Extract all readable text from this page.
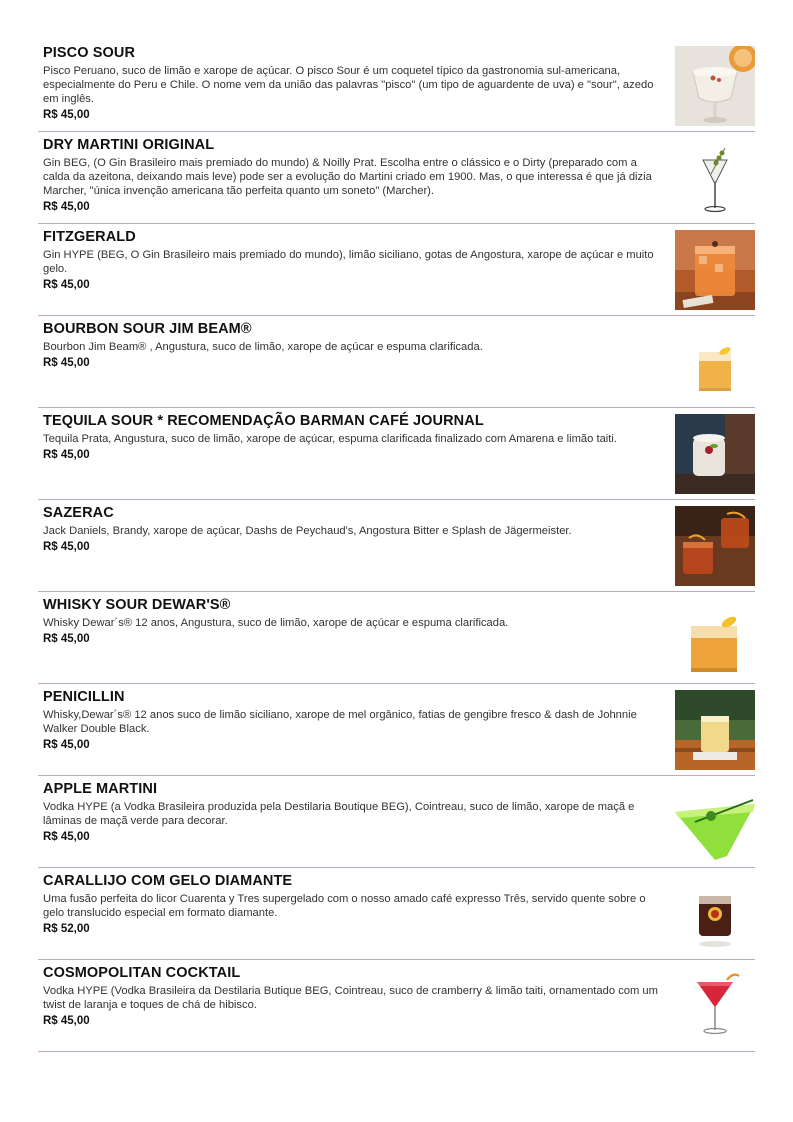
PISCO SOUR

Pisco Peruano, suco de limão e xarope de açúcar. O pisco Sour é um coquetel típico da gastronomia sul-americana, especialmente do Peru e Chile. O nome vem da união das palavras "pisco" (um tipo de aguardente de uva) e "sour", azedo em inglês.

R$ 45,00
DRY MARTINI ORIGINAL

Gin BEG, (O Gin Brasileiro mais premiado do mundo) & Noilly Prat. Escolha entre o clássico e o Dirty (preparado com a calda da azeitona, deixando mais leve) pode ser a evolução do Martini criado em 1900. Mas, o que interessa é que já dizia Marcher, "única invenção americana tão perfeita quanto um soneto" (Marcher).

R$ 45,00
FITZGERALD

Gin HYPE (BEG, O Gin Brasileiro mais premiado do mundo), limão siciliano, gotas de Angostura, xarope de açúcar e muito gelo.

R$ 45,00
BOURBON SOUR JIM BEAM®

Bourbon Jim Beam® , Angustura, suco de limão, xarope de açúcar e espuma clarificada.

R$ 45,00
TEQUILA SOUR * RECOMENDAÇÃO BARMAN CAFÉ JOURNAL

Tequila Prata, Angustura, suco de limão, xarope de açúcar, espuma clarificada finalizado com Amarena e limão taiti.

R$ 45,00
SAZERAC

Jack Daniels, Brandy, xarope de açúcar, Dashs de Peychaud's, Angostura Bitter e Splash de Jägermeister.

R$ 45,00
WHISKY SOUR DEWAR'S®

Whisky Dewar´s® 12 anos, Angustura, suco de limão, xarope de açúcar e espuma clarificada.

R$ 45,00
PENICILLIN

Whisky,Dewar´s® 12 anos suco de limão siciliano, xarope de mel orgânico, fatias de gengibre fresco & dash de Johnnie Walker Double Black.

R$ 45,00
APPLE MARTINI

Vodka HYPE (a Vodka Brasileira produzida pela Destilaria Boutique BEG), Cointreau, suco de limão, xarope de maçã e lâminas de maçã verde para decorar.

R$ 45,00
CARALLIJO COM GELO DIAMANTE

Uma fusão perfeita do licor Cuarenta y Tres supergelado com o nosso amado café expresso Três, servido quente sobre o gelo translucido especial em formato diamante.

R$ 52,00
COSMOPOLITAN COCKTAIL

Vodka HYPE (Vodka Brasileira da Destilaria Butique BEG, Cointreau, suco de cramberry & limão taiti, ornamentado com um twist de laranja e toques de chá de hibisco.

R$ 45,00
